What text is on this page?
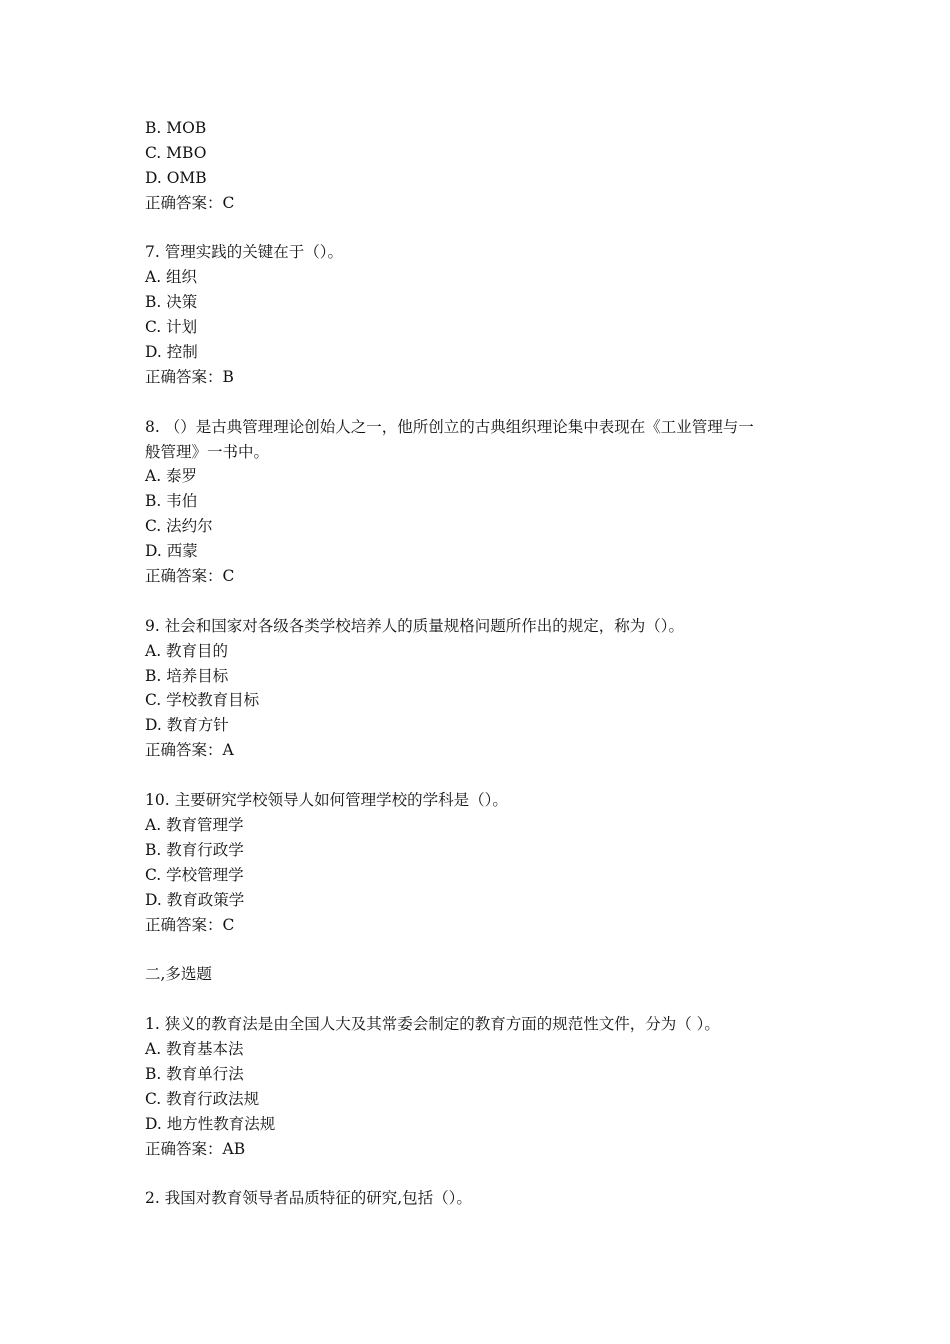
B. MOB
C. MBO
D. OMB
正确答案：C
7. 管理实践的关键在于（）。
A. 组织
B. 决策
C. 计划
D. 控制
正确答案：B
8. （）是古典管理理论创始人之一，他所创立的古典组织理论集中表现在《工业管理与一
般管理》一书中。
A. 泰罗
B. 韦伯
C. 法约尔
D. 西蒙
正确答案：C
9. 社会和国家对各级各类学校培养人的质量规格问题所作出的规定，称为（）。
A. 教育目的
B. 培养目标
C. 学校教育目标
D. 教育方针
正确答案：A
10. 主要研究学校领导人如何管理学校的学科是（）。
A. 教育管理学
B. 教育行政学
C. 学校管理学
D. 教育政策学
正确答案：C
二,多选题
1. 狭义的教育法是由全国人大及其常委会制定的教育方面的规范性文件，分为（ ）。
A. 教育基本法
B. 教育单行法
C. 教育行政法规
D. 地方性教育法规
正确答案：AB
2. 我国对教育领导者品质特征的研究,包括（）。
